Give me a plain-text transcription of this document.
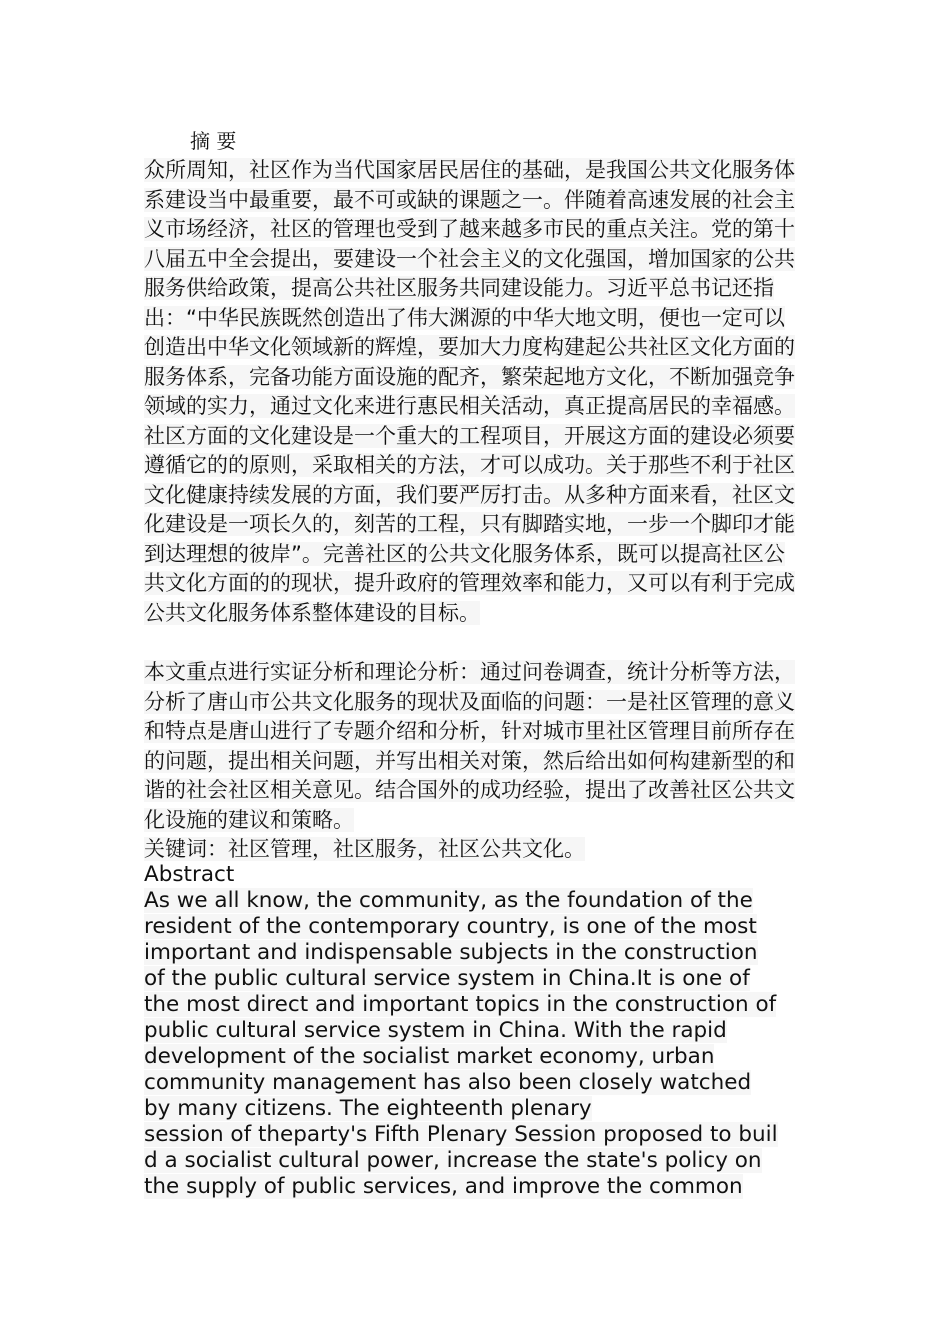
摘 要

众所周知，社区作为当代国家居民居住的基础，是我国公共文化服务体系建设当中最重要，最不可或缺的课题之一。伴随着高速发展的社会主义市场经济，社区的管理也受到了越来越多市民的重点关注。党的第十八届五中全会提出，要建设一个社会主义的文化强国，增加国家的公共服务供给政策，提高公共社区服务共同建设能力。习近平总书记还指出：“中华民族既然创造出了伟大渊源的中华大地文明，便也一定可以创造出中华文化领域新的辉煌，要加大力度构建起公共社区文化方面的服务体系，完备功能方面设施的配齐，繁荣起地方文化，不断加强竞争领域的实力，通过文化来进行惠民相关活动，真正提高居民的幸福感。社区方面的文化建设是一个重大的工程项目，开展这方面的建设必须要遵循它的的原则，采取相关的方法，才可以成功。关于那些不利于社区文化健康持续发展的方面，我们要严厉打击。从多种方面来看，社区文化建设是一项长久的，刻苦的工程，只有脚踏实地，一步一个脚印才能到达理想的彼岸”。完善社区的公共文化服务体系，既可以提高社区公共文化方面的的现状，提升政府的管理效率和能力，又可以有利于完成公共文化服务体系整体建设的目标。

本文重点进行实证分析和理论分析：通过问卷调查，统计分析等方法，分析了唐山市公共文化服务的现状及面临的问题：一是社区管理的意义和特点是唐山进行了专题介绍和分析，针对城市里社区管理目前所存在的问题，提出相关问题，并写出相关对策，然后给出如何构建新型的和谐的社会社区相关意见。结合国外的成功经验，提出了改善社区公共文化设施的建议和策略。

关键词：社区管理，社区服务，社区公共文化。

Abstract

As we all know, the community, as the foundation of the
resident of the contemporary country, is one of the most
important and indispensable subjects in the construction
of the public cultural service system in China.It is one of
the most direct and important topics in the construction of
public cultural service system in China. With the rapid
development of the socialist market economy, urban
community management has also been closely watched
by many citizens. The eighteenth plenary
session of theparty's Fifth Plenary Session proposed to buil
d a socialist cultural power, increase the state's policy on
the supply of public services, and improve the common
